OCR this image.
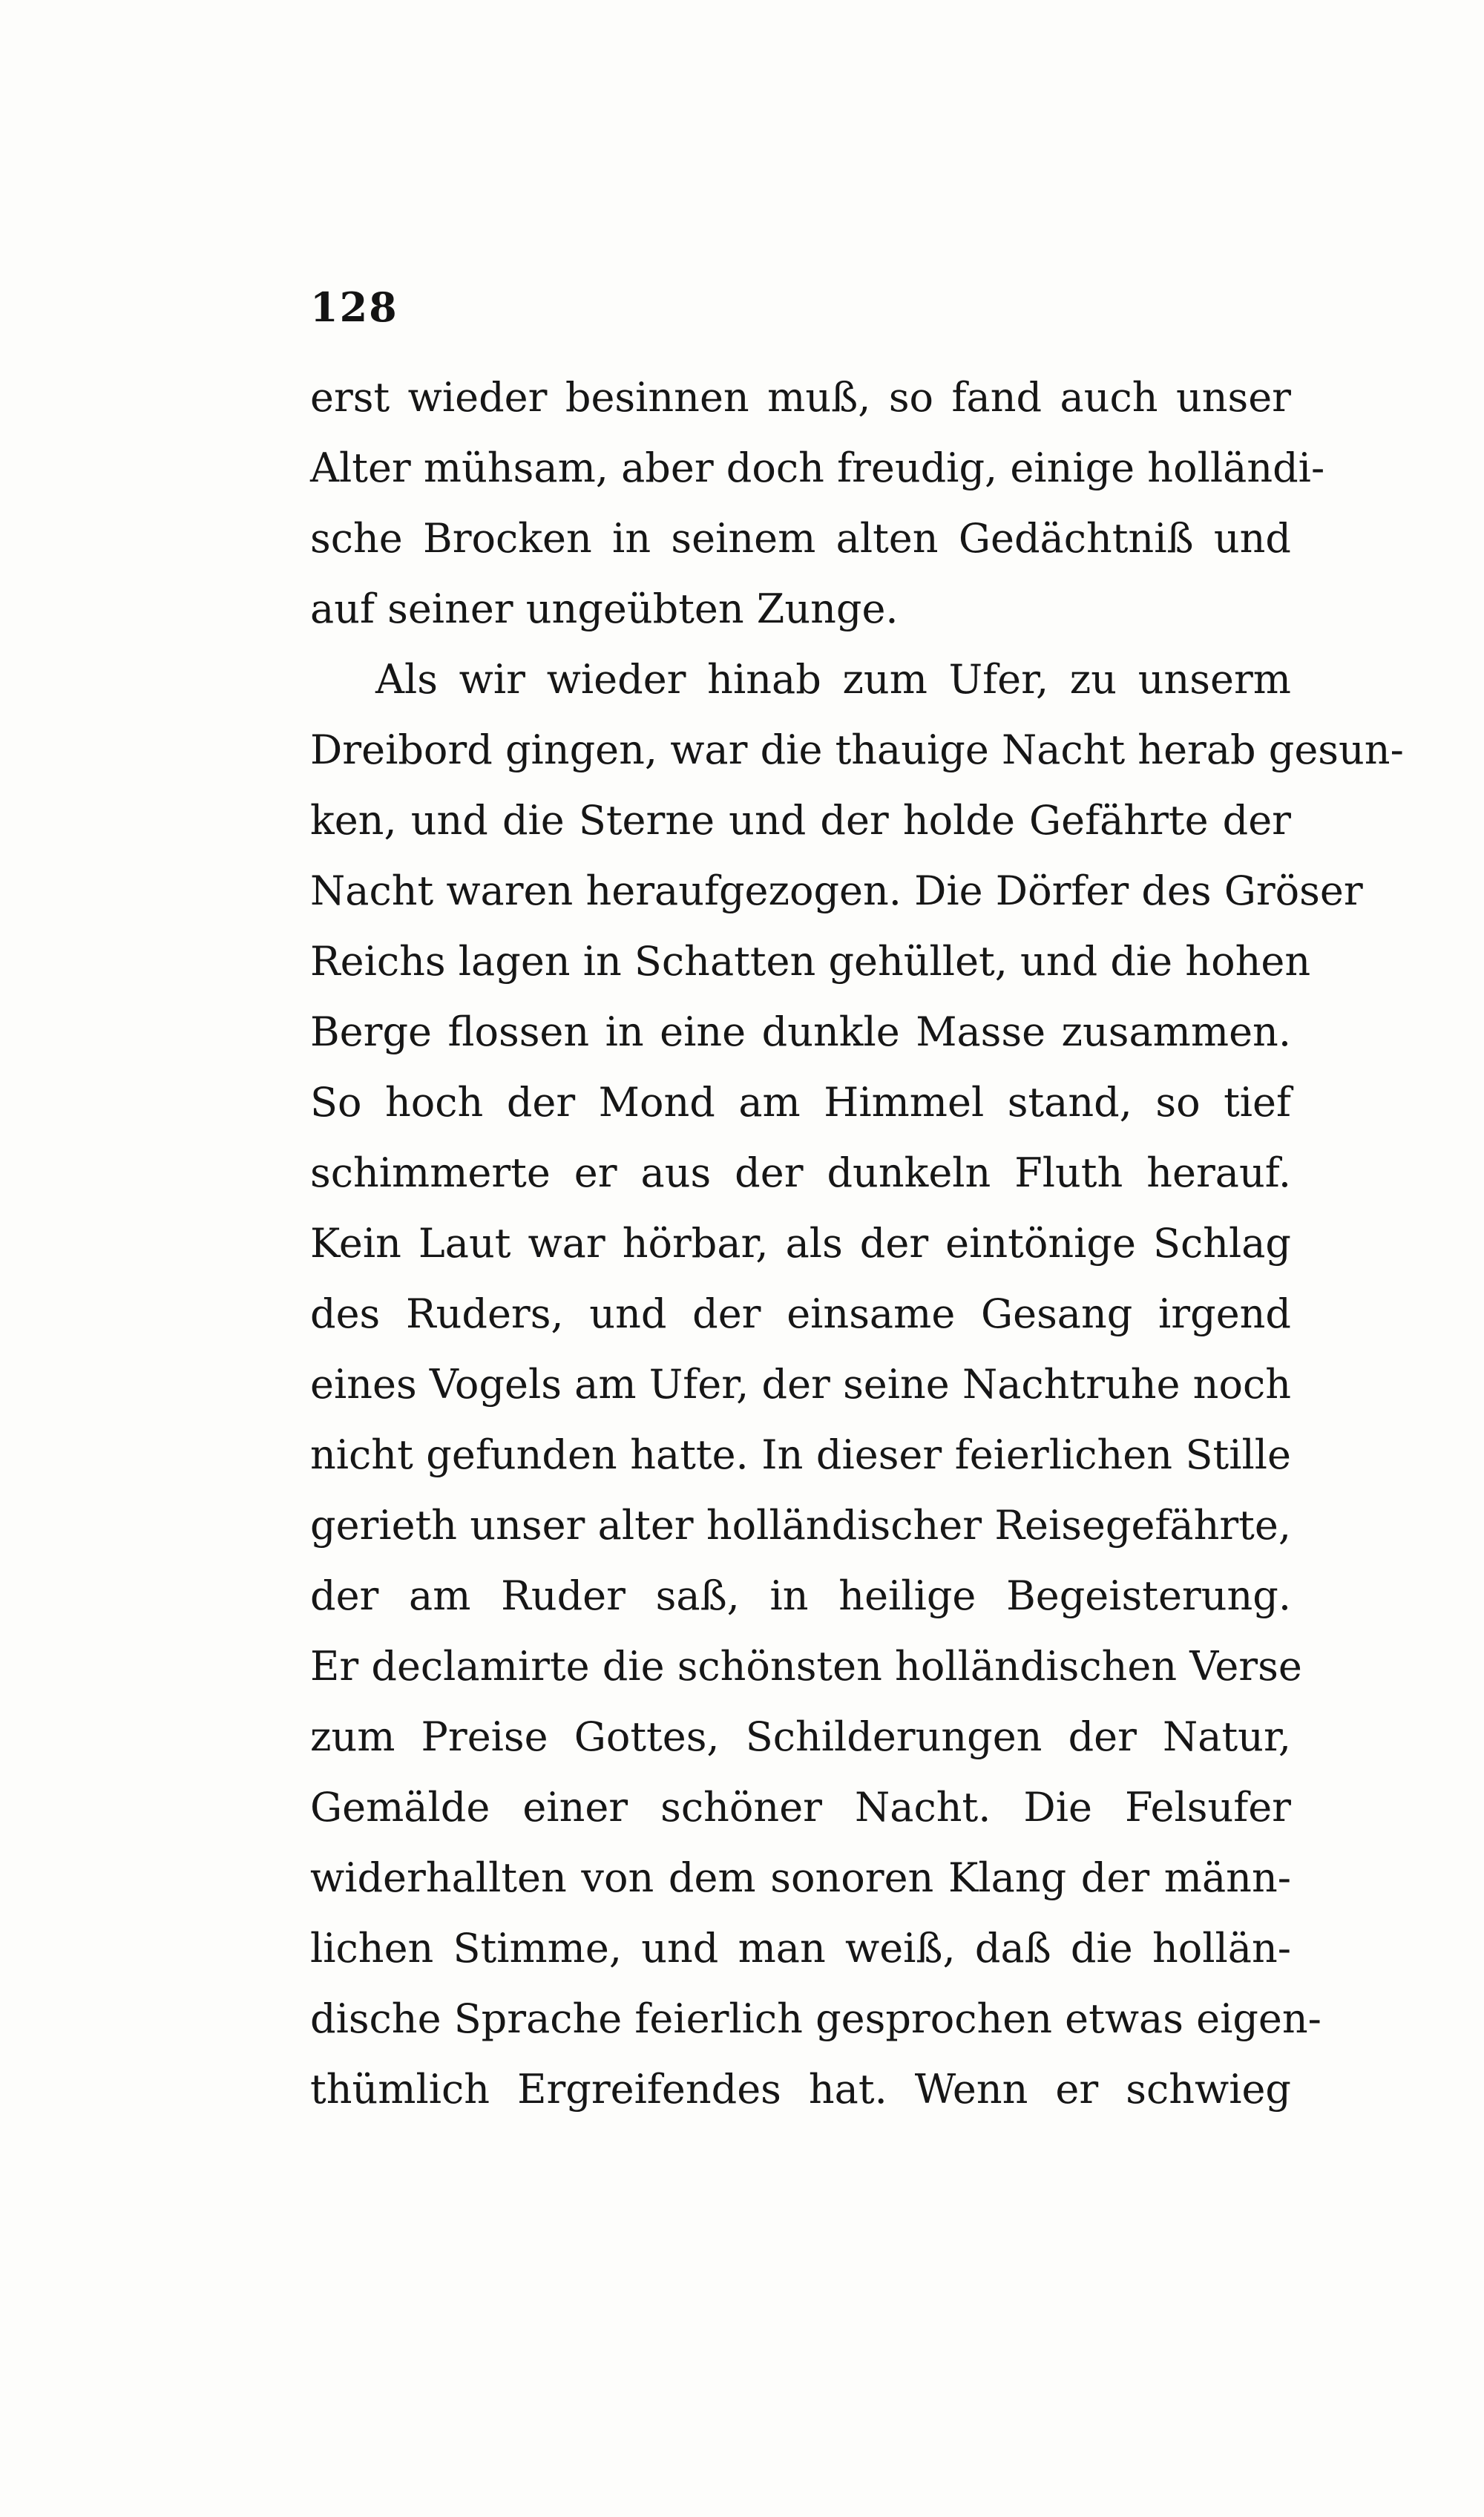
128
erst wieder besinnen muß, so fand auch unser
Alter mühsam, aber doch freudig, einige holländi-
sche Brocken in seinem alten Gedächtniß und
auf seiner ungeübten Zunge.
Als wir wieder hinab zum Ufer, zu unserm
Dreibord gingen, war die thauige Nacht herab gesun-
ken, und die Sterne und der holde Gefährte der
Nacht waren heraufgezogen. Die Dörfer des Gröser
Reichs lagen in Schatten gehüllet, und die hohen
Berge flossen in eine dunkle Masse zusammen.
So hoch der Mond am Himmel stand, so tief
schimmerte er aus der dunkeln Fluth herauf.
Kein Laut war hörbar, als der eintönige Schlag
des Ruders, und der einsame Gesang irgend
eines Vogels am Ufer, der seine Nachtruhe noch
nicht gefunden hatte. In dieser feierlichen Stille
gerieth unser alter holländischer Reisegefährte,
der am Ruder saß, in heilige Begeisterung.
Er declamirte die schönsten holländischen Verse
zum Preise Gottes, Schilderungen der Natur,
Gemälde einer schöner Nacht. Die Felsufer
widerhallten von dem sonoren Klang der männ-
lichen Stimme, und man weiß, daß die hollän-
dische Sprache feierlich gesprochen etwas eigen-
thümlich Ergreifendes hat. Wenn er schwieg
